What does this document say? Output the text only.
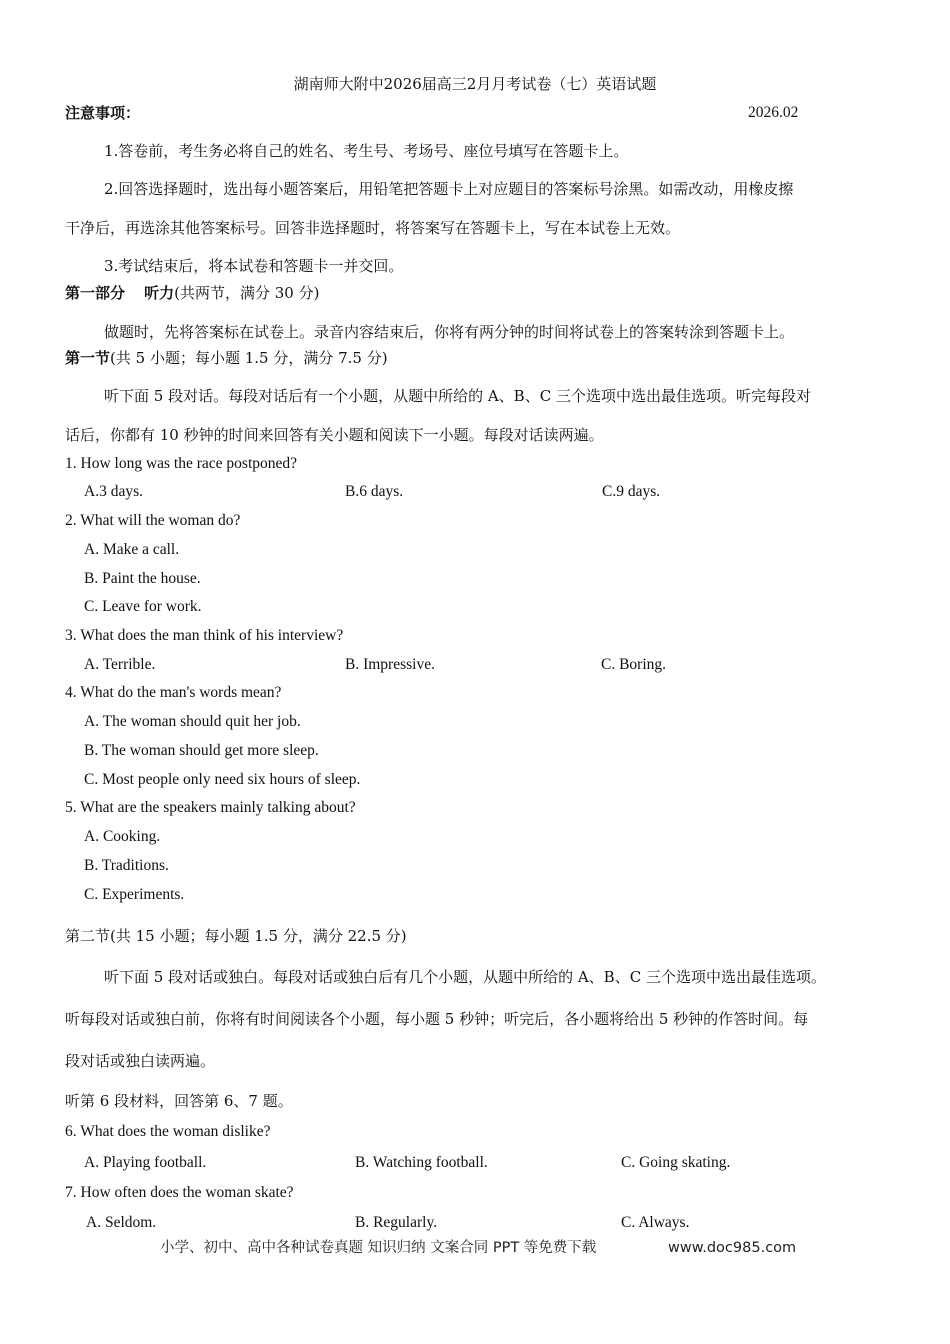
湖南师大附中2026届高三2月月考试卷（七）英语试题
注意事项：	2026.02
1.答卷前，考生务必将自己的姓名、考生号、考场号、座位号填写在答题卡上。
2.回答选择题时，选出每小题答案后，用铅笔把答题卡上对应题目的答案标号涂黑。如需改动，用橡皮擦
干净后，再选涂其他答案标号。回答非选择题时，将答案写在答题卡上，写在本试卷上无效。
3.考试结束后，将本试卷和答题卡一并交回。
第一部分 听力(共两节，满分 30 分)
做题时，先将答案标在试卷上。录音内容结束后，你将有两分钟的时间将试卷上的答案转涂到答题卡上。
第一节(共 5 小题；每小题 1.5 分，满分 7.5 分)
听下面 5 段对话。每段对话后有一个小题，从题中所给的 A、B、C 三个选项中选出最佳选项。听完每段对
话后，你都有 10 秒钟的时间来回答有关小题和阅读下一小题。每段对话读两遍。
1. How long was the race postponed?
A.3 days.	B.6 days.	C.9 days.
2. What will the woman do?
A. Make a call.
B. Paint the house.
C. Leave for work.
3. What does the man think of his interview?
A. Terrible.	B. Impressive.	C. Boring.
4. What do the man's words mean?
A. The woman should quit her job.
B. The woman should get more sleep.
C. Most people only need six hours of sleep.
5. What are the speakers mainly talking about?
A. Cooking.
B. Traditions.
C. Experiments.
第二节(共 15 小题；每小题 1.5 分，满分 22.5 分)
听下面 5 段对话或独白。每段对话或独白后有几个小题，从题中所给的 A、B、C 三个选项中选出最佳选项。
听每段对话或独白前，你将有时间阅读各个小题，每小题 5 秒钟；听完后，各小题将给出 5 秒钟的作答时间。每
段对话或独白读两遍。
听第 6 段材料，回答第 6、7 题。
6. What does the woman dislike?
A. Playing football.	B. Watching football.	C. Going skating.
7. How often does the woman skate?
A. Seldom.	B. Regularly.	C. Always.
小学、初中、高中各种试卷真题 知识归纳 文案合同 PPT 等免费下载	www.doc985.com
